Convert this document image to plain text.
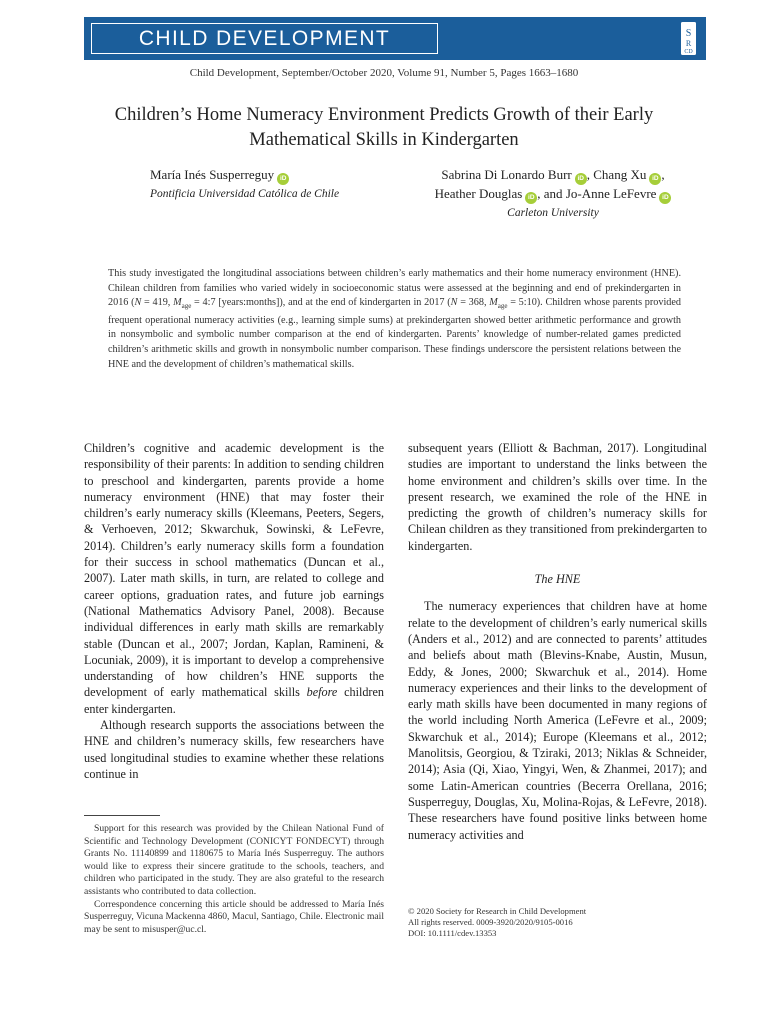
CHILD DEVELOPMENT	S
R
CD
Child Development, September/October 2020, Volume 91, Number 5, Pages 1663–1680
Children’s Home Numeracy Environment Predicts Growth of their Early
Mathematical Skills in Kindergarten
María Inés Susperreguy iD
Pontificia Universidad Católica de Chile
Sabrina Di Lonardo Burr iD , Chang Xu iD ,
Heather Douglas iD , and Jo-Anne LeFevre iD
Carleton University
This study investigated the longitudinal associations between children’s early mathematics and their home numeracy environment (HNE). Chilean children from families who varied widely in socioeconomic status were assessed at the beginning and end of prekindergarten in 2016 (N = 419, $M_{age}$ = 4:7 [years:months]), and at the end of kindergarten in 2017 (N = 368, $M_{age}$ = 5:10). Children whose parents provided frequent operational numeracy activities (e.g., learning simple sums) at prekindergarten showed better arithmetic performance and growth in nonsymbolic and symbolic number comparison at the end of kindergarten. Parents’ knowledge of number-related games predicted children’s arithmetic skills and growth in nonsymbolic number comparison. These findings underscore the persistent relations between the HNE and the development of children’s mathematical skills.

Children’s cognitive and academic development is the responsibility of their parents: In addition to sending children to preschool and kindergarten, parents provide a home numeracy environment (HNE) that may foster their children’s early numeracy skills (Kleemans, Peeters, Segers, & Verhoeven, 2012; Skwarchuk, Sowinski, & LeFevre, 2014). Children’s early numeracy skills form a foundation for their success in school mathematics (Duncan et al., 2007). Later math skills, in turn, are related to college and career options, graduation rates, and future job earnings (National Mathematics Advisory Panel, 2008). Because individual differences in early math skills are remarkably stable (Duncan et al., 2007; Jordan, Kaplan, Ramineni, & Locuniak, 2009), it is important to develop a comprehensive understanding of how children’s HNE supports the development of early mathematical skills before children enter kindergarten.

Although research supports the associations between the HNE and children’s numeracy skills, few researchers have used longitudinal studies to examine whether these relations continue in

subsequent years (Elliott & Bachman, 2017). Longitudinal studies are important to understand the links between the home environment and children’s skills over time. In the present research, we examined the role of the HNE in predicting the growth of children’s numeracy skills for Chilean children as they transitioned from prekindergarten to kindergarten.

The HNE

The numeracy experiences that children have at home relate to the development of children’s early numerical skills (Anders et al., 2012) and are connected to parents’ attitudes and beliefs about math (Blevins-Knabe, Austin, Musun, Eddy, & Jones, 2000; Skwarchuk et al., 2014). Home numeracy experiences and their links to the development of early math skills have been documented in many regions of the world including North America (LeFevre et al., 2009; Skwarchuk et al., 2014); Europe (Kleemans et al., 2012; Manolitsis, Georgiou, & Tziraki, 2013; Niklas & Schneider, 2014); Asia (Qi, Xiao, Yingyi, Wen, & Zhanmei, 2017); and some Latin-American countries (Becerra Orellana, 2016; Susperreguy, Douglas, Xu, Molina-Rojas, & LeFevre, 2018). These researchers have found positive links between home numeracy activities and

Support for this research was provided by the Chilean National Fund of Scientific and Technology Development (CONICYT FONDECYT) through Grants No. 11140899 and 1180675 to María Inés Susperreguy. The authors would like to express their sincere gratitude to the schools, teachers, and children who participated in the study. They are also grateful to the research assistants who contributed to data collection.

Correspondence concerning this article should be addressed to María Inés Susperreguy, Vicuna Mackenna 4860, Macul, Santiago, Chile. Electronic mail may be sent to misusper@uc.cl.

© 2020 Society for Research in Child Development
All rights reserved. 0009-3920/2020/9105-0016
DOI: 10.1111/cdev.13353
